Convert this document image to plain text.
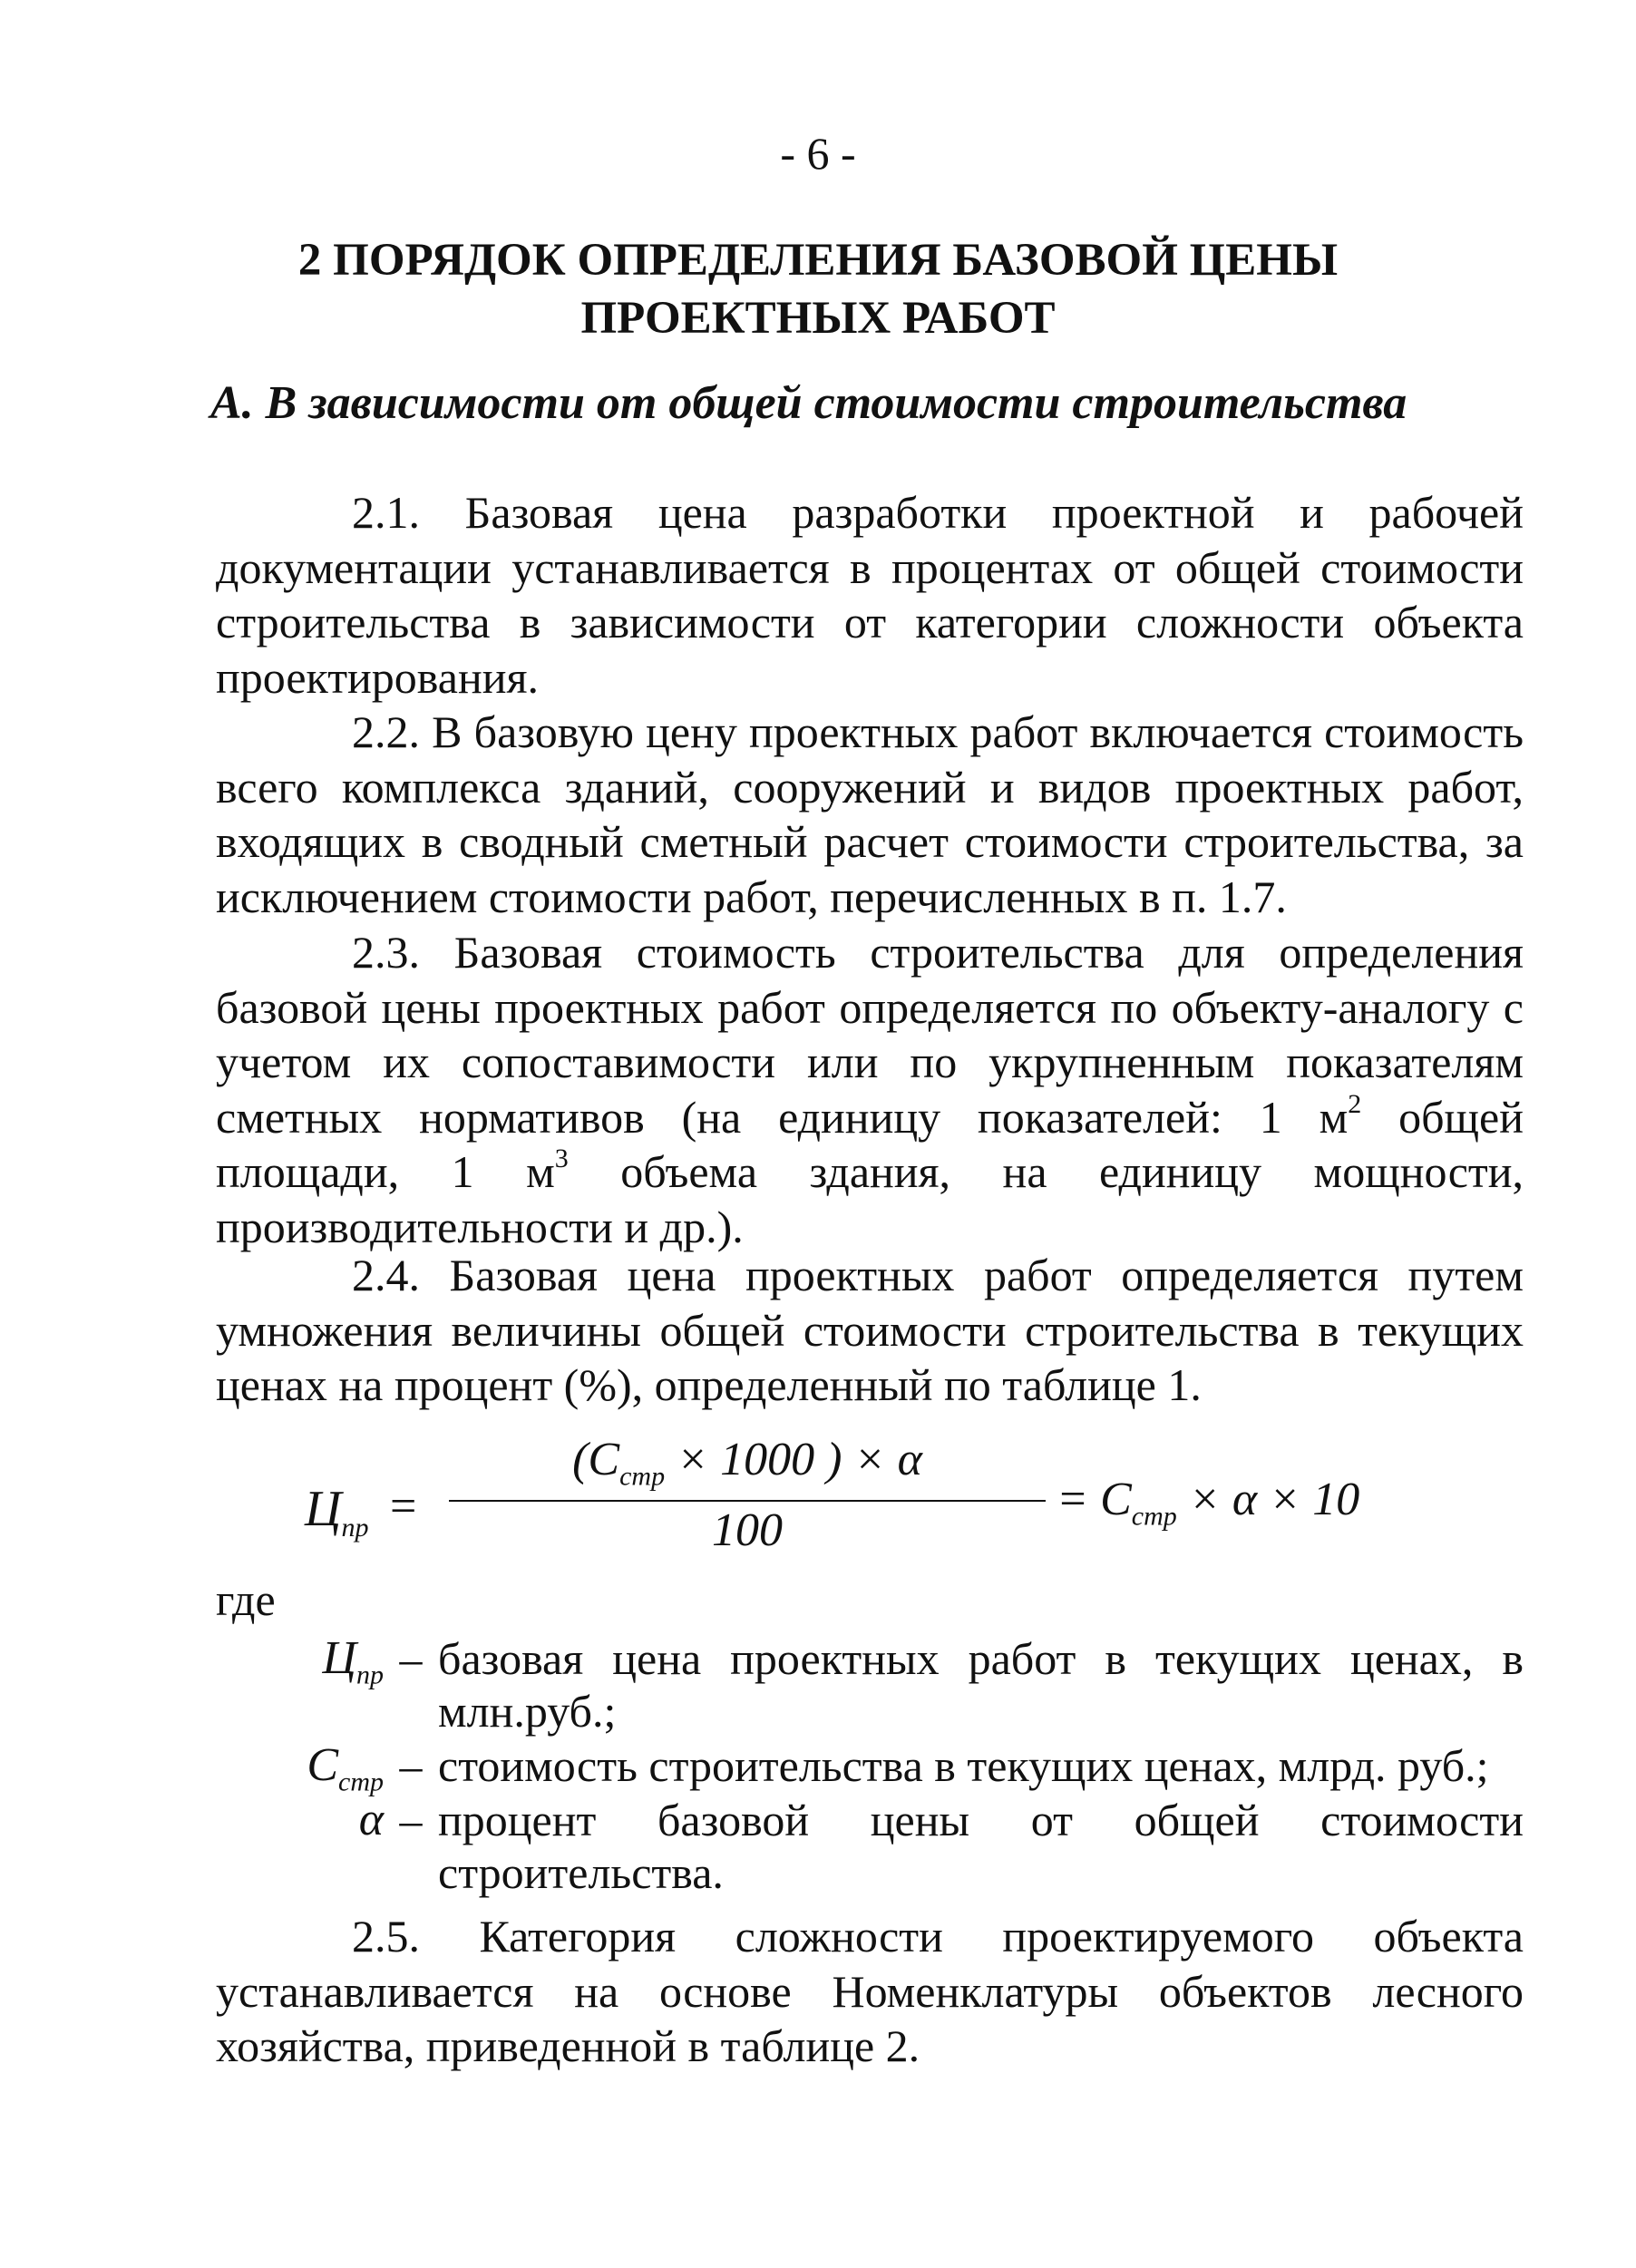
- 6 -
2 ПОРЯДОК ОПРЕДЕЛЕНИЯ БАЗОВОЙ ЦЕНЫ
ПРОЕКТНЫХ РАБОТ
А. В зависимости от общей стоимости строительства

2.1. Базовая цена разработки проектной и рабочей документации устанавливается в процентах от общей стоимости строительства в зависимости от категории сложности объекта проектирования.

2.2. В базовую цену проектных работ включается стоимость всего комплекса зданий, сооружений и видов проектных работ, входящих в сводный сметный расчет стоимости строительства, за исключением стоимости работ, перечисленных в п. 1.7.

2.3. Базовая стоимость строительства для определения базовой цены проектных работ определяется по объекту-аналогу с учетом их сопоставимости или по укрупненным показателям сметных нормативов (на единицу показателей: 1 $м^2$ общей площади, 1 $м^3$ объема здания, на единицу мощности, производительности и др.).

2.4. Базовая цена проектных работ определяется путем умножения величины общей стоимости строительства в текущих ценах на процент (%), определенный по таблице 1.

$Ц_{пр}$ =
($С_{стр} \times 1000$ ) × α
100
= $С_{стр} \times \alpha \times 10$
где
$Ц_{пр}$ – базовая цена проектных работ в текущих ценах, в млн.руб.;
$С_{стр}$ – стоимость строительства в текущих ценах, млрд. руб.;
α – процент базовой цены от общей стоимости строительства.

2.5. Категория сложности проектируемого объекта устанавливается на основе Номенклатуры объектов лесного хозяйства, приведенной в таблице 2.
